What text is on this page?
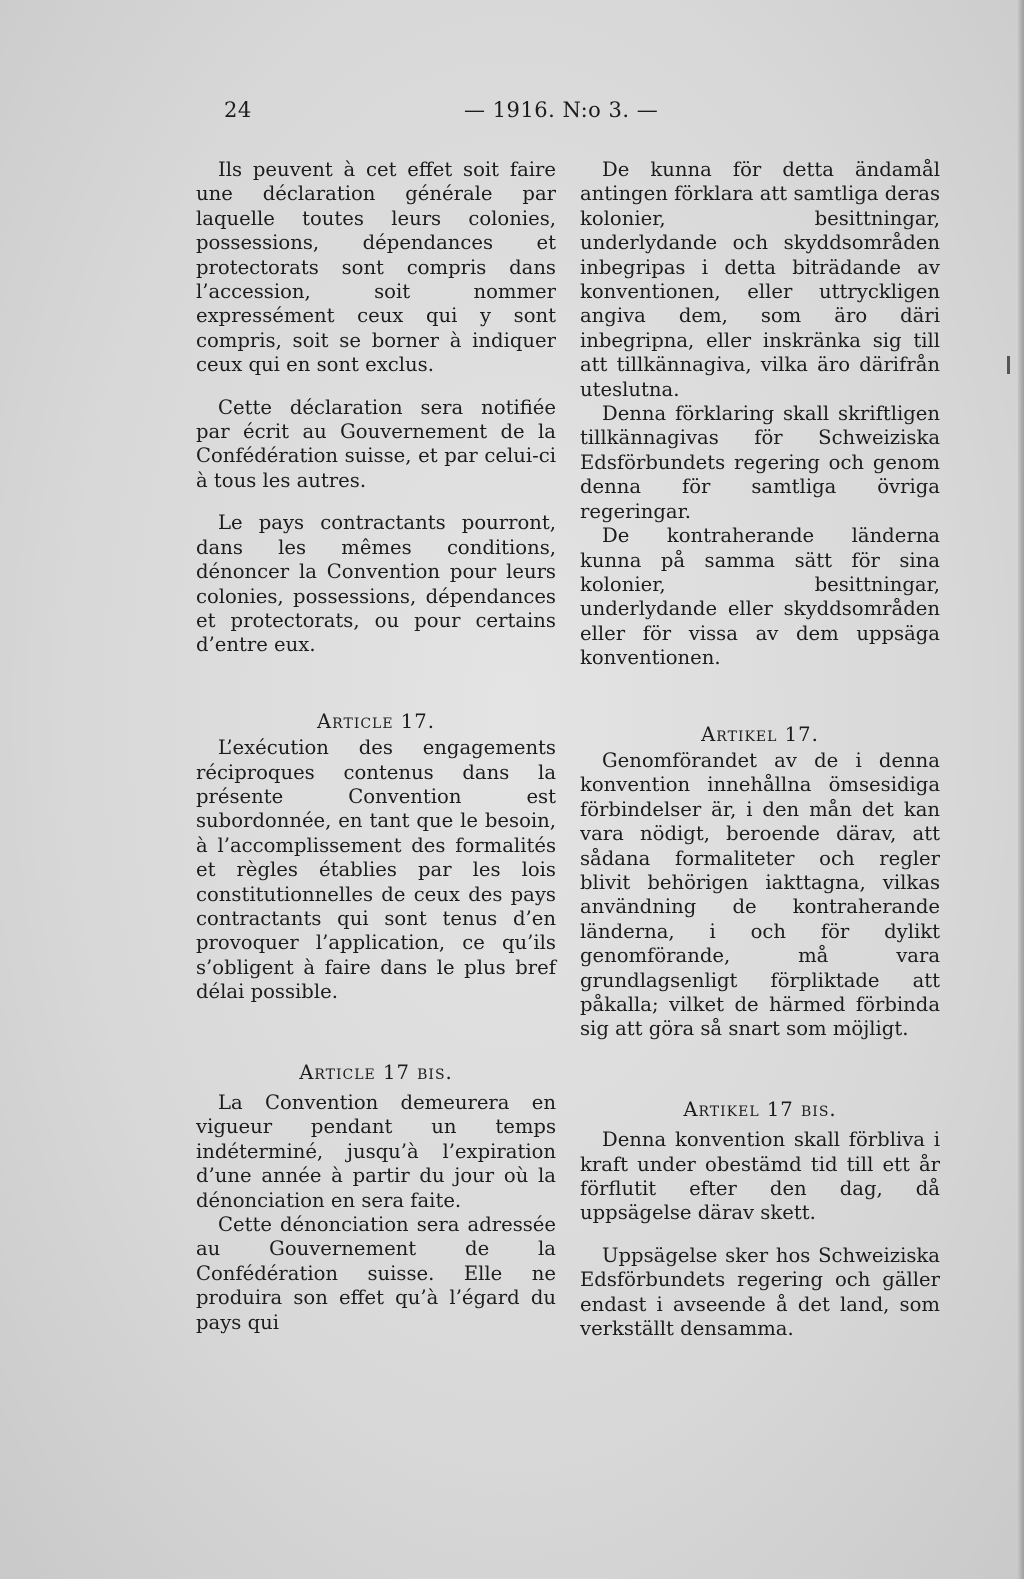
24	— 1916. N:o 3. —

Ils peuvent à cet effet soit faire une déclaration générale par laquelle toutes leurs colonies, possessions, dépendances et protectorats sont compris dans l’accession, soit nommer expressément ceux qui y sont compris, soit se borner à indiquer ceux qui en sont exclus.

Cette déclaration sera notifiée par écrit au Gouvernement de la Confédération suisse, et par celui-ci à tous les autres.

Le pays contractants pourront, dans les mêmes conditions, dénoncer la Convention pour leurs colonies, possessions, dépendances et protectorats, ou pour certains d’entre eux.

Article 17.

L’exécution des engagements réciproques contenus dans la présente Convention est subordonnée, en tant que le besoin, à l’accomplissement des formalités et règles établies par les lois constitutionnelles de ceux des pays contractants qui sont tenus d’en provoquer l’application, ce qu’ils s’obligent à faire dans le plus bref délai possible.

Article 17 bis.

La Convention demeurera en vigueur pendant un temps indéterminé, jusqu’à l’expiration d’une année à partir du jour où la dénonciation en sera faite.

Cette dénonciation sera adressée au Gouvernement de la Confédération suisse. Elle ne produira son effet qu’à l’égard du pays qui

De kunna för detta ändamål antingen förklara att samtliga deras kolonier, besittningar, underlydande och skyddsområden inbegripas i detta biträdande av konventionen, eller uttryckligen angiva dem, som äro däri inbegripna, eller inskränka sig till att tillkännagiva, vilka äro därifrån uteslutna.

Denna förklaring skall skriftligen tillkännagivas för Schweiziska Edsförbundets regering och genom denna för samtliga övriga regeringar.

De kontraherande länderna kunna på samma sätt för sina kolonier, besittningar, underlydande eller skyddsområden eller för vissa av dem uppsäga konventionen.

Artikel 17.

Genomförandet av de i denna konvention innehållna ömsesidiga förbindelser är, i den mån det kan vara nödigt, beroende därav, att sådana formaliteter och regler blivit behörigen iakttagna, vilkas användning de kontraherande länderna, i och för dylikt genomförande, må vara grundlagsenligt förpliktade att påkalla; vilket de härmed förbinda sig att göra så snart som möjligt.

Artikel 17 bis.

Denna konvention skall förbliva i kraft under obestämd tid till ett år förflutit efter den dag, då uppsägelse därav skett.

Uppsägelse sker hos Schweiziska Edsförbundets regering och gäller endast i avseende å det land, som verkställt densamma.
